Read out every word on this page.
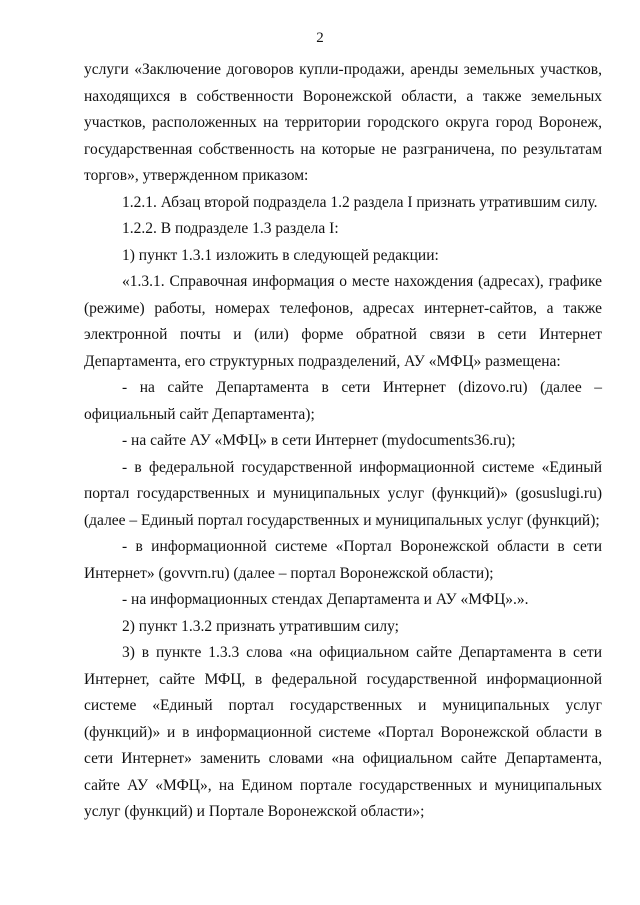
2

услуги «Заключение договоров купли-продажи, аренды земельных участков, находящихся в собственности Воронежской области, а также земельных участков, расположенных на территории городского округа город Воронеж, государственная собственность на которые не разграничена, по результатам торгов», утвержденном приказом:

1.2.1. Абзац второй подраздела 1.2 раздела I признать утратившим силу.

1.2.2. В подразделе 1.3 раздела I:

1) пункт 1.3.1 изложить в следующей редакции:

«1.3.1. Справочная информация о месте нахождения (адресах), графике (режиме) работы, номерах телефонов, адресах интернет-сайтов, а также электронной почты и (или) форме обратной связи в сети Интернет Департамента, его структурных подразделений, АУ «МФЦ» размещена:

- на сайте Департамента в сети Интернет (dizovo.ru) (далее – официальный сайт Департамента);

- на сайте АУ «МФЦ» в сети Интернет (mydocuments36.ru);

- в федеральной государственной информационной системе «Единый портал государственных и муниципальных услуг (функций)» (gosuslugi.ru) (далее – Единый портал государственных и муниципальных услуг (функций);

- в информационной системе «Портал Воронежской области в сети Интернет» (govvrn.ru) (далее – портал Воронежской области);

- на информационных стендах Департамента и АУ «МФЦ».».

2) пункт 1.3.2 признать утратившим силу;

3) в пункте 1.3.3 слова «на официальном сайте Департамента в сети Интернет, сайте МФЦ, в федеральной государственной информационной системе «Единый портал государственных и муниципальных услуг (функций)» и в информационной системе «Портал Воронежской области в сети Интернет» заменить словами «на официальном сайте Департамента, сайте АУ «МФЦ», на Едином портале государственных и муниципальных услуг (функций) и Портале Воронежской области»;
